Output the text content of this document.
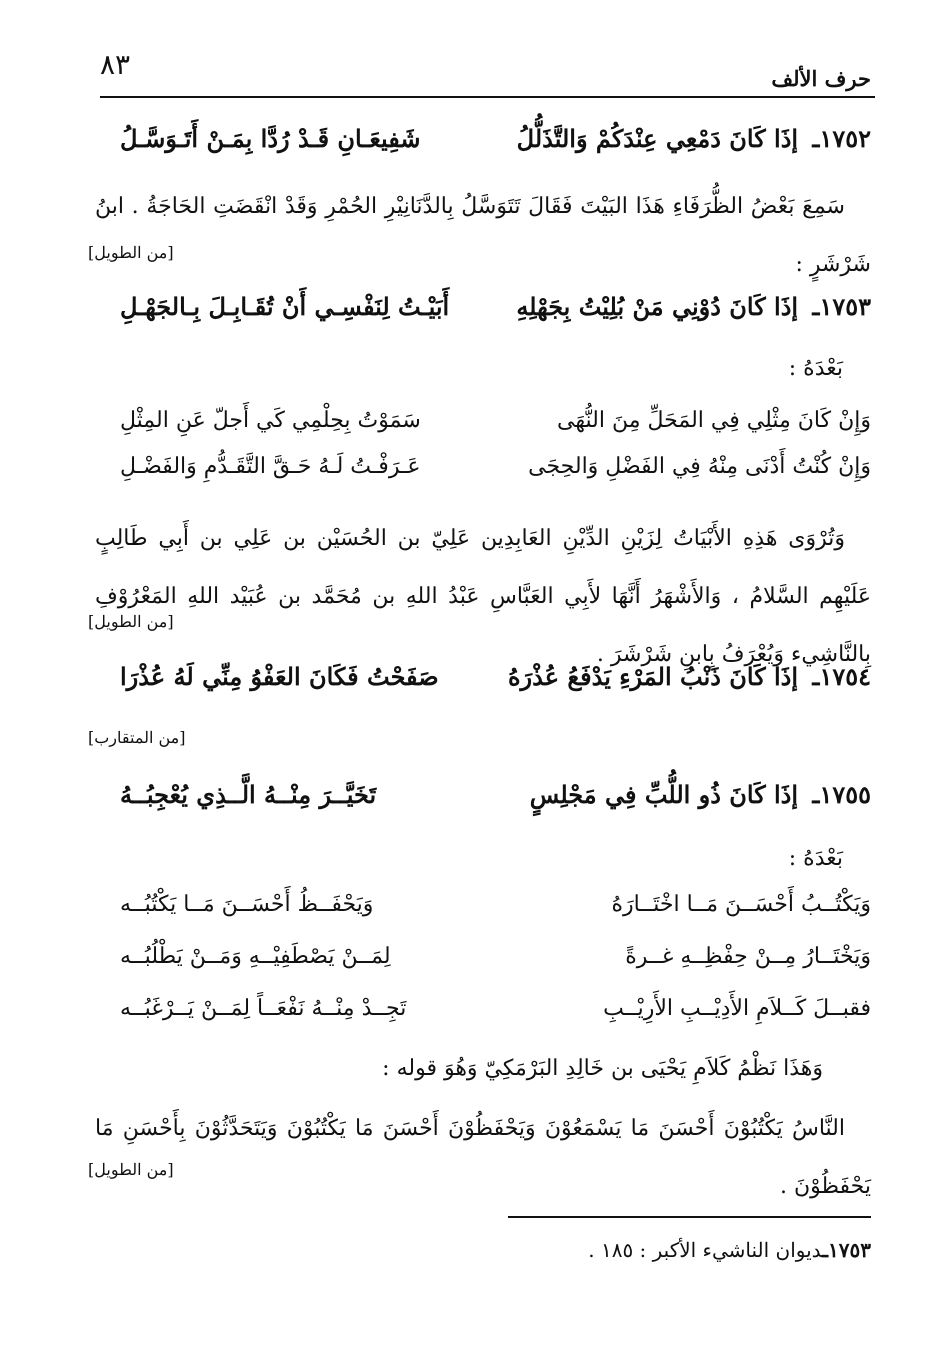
٨٣	حرف الألف
١٧٥٢ـ إذَا كَانَ دَمْعِي عِنْدَكُمْ وَالتَّذَلُّلُ
شَفِيعَـانِ قَـدْ رُدَّا بِمَـنْ أَتَـوَسَّـلُ
سَمِعَ بَعْضُ الظُّرَفَاءِ هَذَا البَيْتَ فَقَالَ تَتَوَسَّلُ بِالدَّنَانِيْرِ الحُمْرِ وَقَدْ انْقَضَتِ الحَاجَةُ . ابنُ شَرْشَرٍ :
[من الطويل]
١٧٥٣ـ إذَا كَانَ دُوْنِي مَنْ بُلِيْتُ بِجَهْلِهِ
أَبَيْـتُ لِنَفْسِـي أَنْ تُقَـابِـلَ بِـالجَهْـلِ
بَعْدَهُ :
وَإِنْ كَانَ مِثْلِي فِي المَحَلِّ مِنَ النُّهَى
سَمَوْتُ بِحِلْمِي كَي أَجلّ عَنِ المِثْلِ
وَإِنْ كُنْتُ أَدْنَى مِنْهُ فِي الفَضْلِ وَالحِجَى
عَـرَفْـتُ لَـهُ حَـقَّ التَّقَـدُّمِ وَالفَضْـلِ
وَتُرْوَى هَذِهِ الأَبْيَاتُ لِزَيْنِ الدِّيْنِ العَابِدِين عَلِيّ بن الحُسَيْن بن عَلِي بن أَبِي طَالِبٍ عَلَيْهِم السَّلامُ ، وَالأَشْهَرُ أَنَّهَا لأَبِي العَبَّاسِ عَبْدُ اللهِ بن مُحَمَّد بن عُبَيْد اللهِ المَعْرُوْفِ بِالنَّاشِيء وَيُعْرَفُ بِابنِ شَرْشَرَ .
[من الطويل]
١٧٥٤ـ إذَا كَانَ ذَنْبُ المَرْءِ يَدْفَعُ عُذْرَهُ
صَفَحْتُ فَكَانَ العَفْوُ مِنِّي لَهُ عُذْرَا
[من المتقارب]
١٧٥٥ـ إذَا كَانَ ذُو اللُّبِّ فِي مَجْلِسٍ
تَخَيَّــرَ مِنْــهُ الَّــذِي يُعْجِبُــهُ
بَعْدَهُ :
وَيَكْتُــبُ أَحْسَــنَ مَــا اخْتَــارَهُ
وَيَحْفَــظُ أَحْسَــنَ مَــا يَكْتُبُــه
وَيَخْتَــارُ مِــنْ حِفْظِــهِ غــرةً
لِمَــنْ يَصْطَفِيْــهِ وَمَــنْ يَطْلُبُــه
فقبــلَ كَــلاَمِ الأَدِيْــبِ الأَرِيْــبِ
تَجِــدْ مِنْــهُ نَفْعَــاً لِمَــنْ يَــرْغَبُــه
وَهَذَا نَظْمُ كَلاَمِ يَحْيَى بن خَالِدِ البَرْمَكِيّ وَهُوَ قوله :
النَّاسُ يَكْتُبُوْنَ أَحْسَنَ مَا يَسْمَعُوْنَ وَيَحْفَظُوْنَ أَحْسَنَ مَا يَكْتُبُوْنَ وَيَتَحَدَّثُوْنَ بِأَحْسَنِ مَا يَحْفَظُوْنَ .
[من الطويل]
١٧٥٣ـديوان الناشيء الأكبر : ١٨٥ .
